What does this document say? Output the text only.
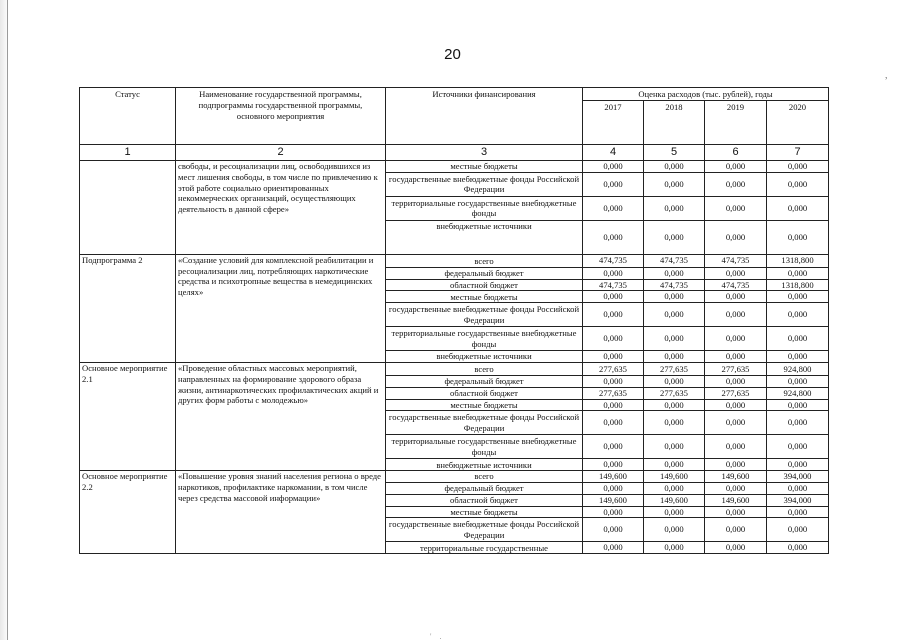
20
,
' .
Статус	Наименование государственной программы, подпрограммы государственной программы, основного мероприятия	Источники финансирования	Оценка расходов (тыс. рублей), годы			
			2017	2018	2019	2020
1	2	3	4	5	6	7
	свободы, и ресоциализации лиц, освободившихся из мест лишения свободы, в том числе по привлечению к этой работе социально ориентированных некоммерческих организаций, осуществляющих деятельность в данной сфере»	местные бюджеты	0,000	0,000	0,000	0,000
		государственные внебюджетные фонды Российской Федерации	0,000	0,000	0,000	0,000
		территориальные государственные внебюджетные фонды	0,000	0,000	0,000	0,000
		внебюджетные источники	0,000	0,000	0,000	0,000
Подпрограмма 2	«Создание условий для комплексной реабилитации и ресоциализации лиц, потребляющих наркотические средства и психотропные вещества в немедицинских целях»	всего	474,735	474,735	474,735	1318,800
		федеральный бюджет	0,000	0,000	0,000	0,000
		областной бюджет	474,735	474,735	474,735	1318,800
		местные бюджеты	0,000	0,000	0,000	0,000
		государственные внебюджетные фонды Российской Федерации	0,000	0,000	0,000	0,000
		территориальные государственные внебюджетные фонды	0,000	0,000	0,000	0,000
		внебюджетные источники	0,000	0,000	0,000	0,000
Основное мероприятие 2.1	«Проведение областных массовых мероприятий, направленных на формирование здорового образа жизни, антинаркотических профилактических акций и других форм работы с молодежью»	всего	277,635	277,635	277,635	924,800
		федеральный бюджет	0,000	0,000	0,000	0,000
		областной бюджет	277,635	277,635	277,635	924,800
		местные бюджеты	0,000	0,000	0,000	0,000
		государственные внебюджетные фонды Российской Федерации	0,000	0,000	0,000	0,000
		территориальные государственные внебюджетные фонды	0,000	0,000	0,000	0,000
		внебюджетные источники	0,000	0,000	0,000	0,000
Основное мероприятие 2.2	«Повышение уровня знаний населения региона о вреде наркотиков, профилактике наркомании, в том числе через средства массовой информации»	всего	149,600	149,600	149,600	394,000
		федеральный бюджет	0,000	0,000	0,000	0,000
		областной бюджет	149,600	149,600	149,600	394,000
		местные бюджеты	0,000	0,000	0,000	0,000
		государственные внебюджетные фонды Российской Федерации	0,000	0,000	0,000	0,000
		территориальные государственные	0,000	0,000	0,000	0,000
